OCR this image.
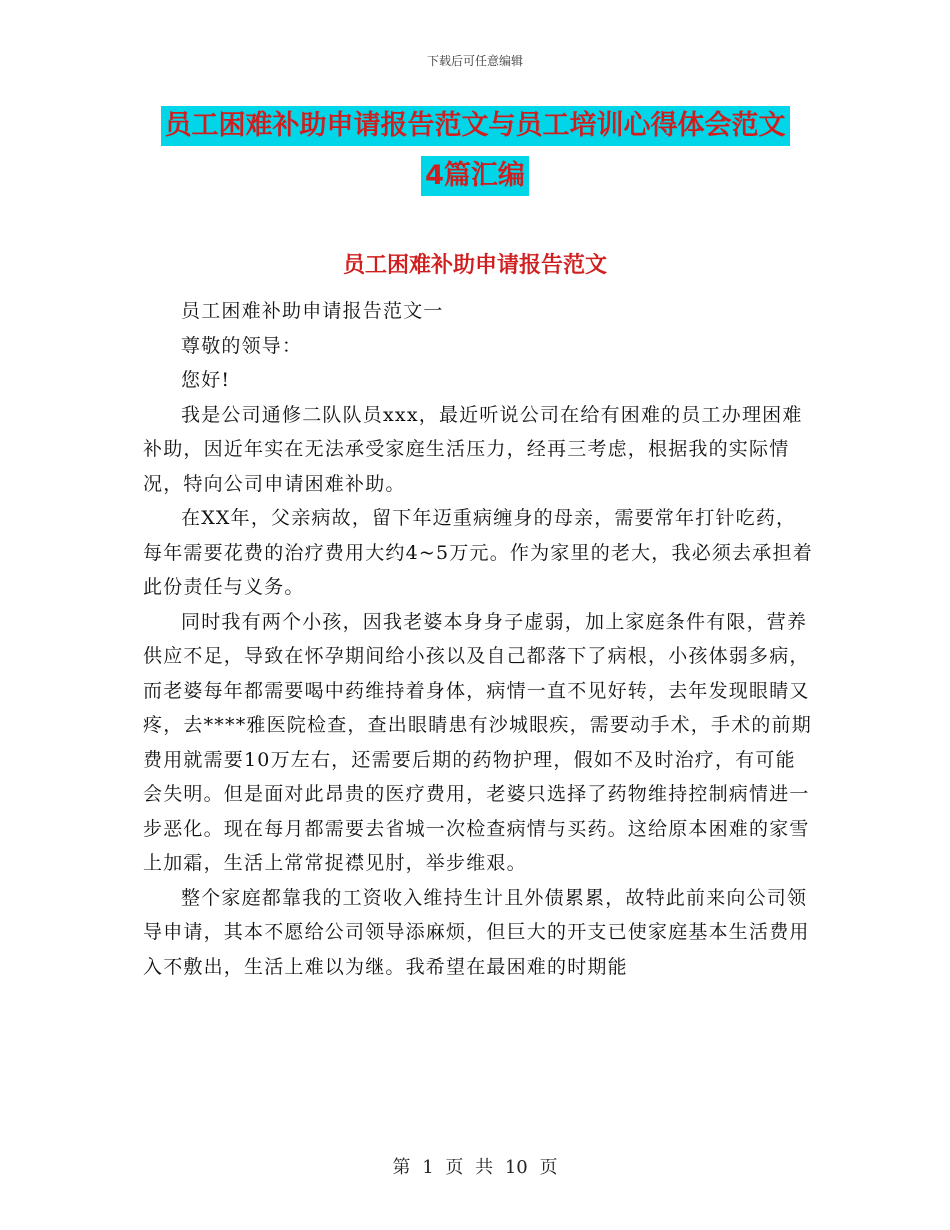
下载后可任意编辑
员工困难补助申请报告范文与员工培训心得体会范文
4篇汇编
员工困难补助申请报告范文

员工困难补助申请报告范文一

尊敬的领导：

您好!

我是公司通修二队队员xxx，最近听说公司在给有困难的员工办理困难补助，因近年实在无法承受家庭生活压力，经再三考虑，根据我的实际情况，特向公司申请困难补助。

在XX年，父亲病故，留下年迈重病缠身的母亲，需要常年打针吃药，每年需要花费的治疗费用大约4~5万元。作为家里的老大，我必须去承担着此份责任与义务。

同时我有两个小孩，因我老婆本身身子虚弱，加上家庭条件有限，营养供应不足，导致在怀孕期间给小孩以及自己都落下了病根，小孩体弱多病，而老婆每年都需要喝中药维持着身体，病情一直不见好转，去年发现眼睛又疼，去****雅医院检查，查出眼睛患有沙城眼疾，需要动手术，手术的前期费用就需要10万左右，还需要后期的药物护理，假如不及时治疗，有可能会失明。但是面对此昂贵的医疗费用，老婆只选择了药物维持控制病情进一步恶化。现在每月都需要去省城一次检查病情与买药。这给原本困难的家雪上加霜，生活上常常捉襟见肘，举步维艰。

整个家庭都靠我的工资收入维持生计且外债累累，故特此前来向公司领导申请，其本不愿给公司领导添麻烦，但巨大的开支已使家庭基本生活费用入不敷出，生活上难以为继。我希望在最困难的时期能

第 1 页 共 10 页
